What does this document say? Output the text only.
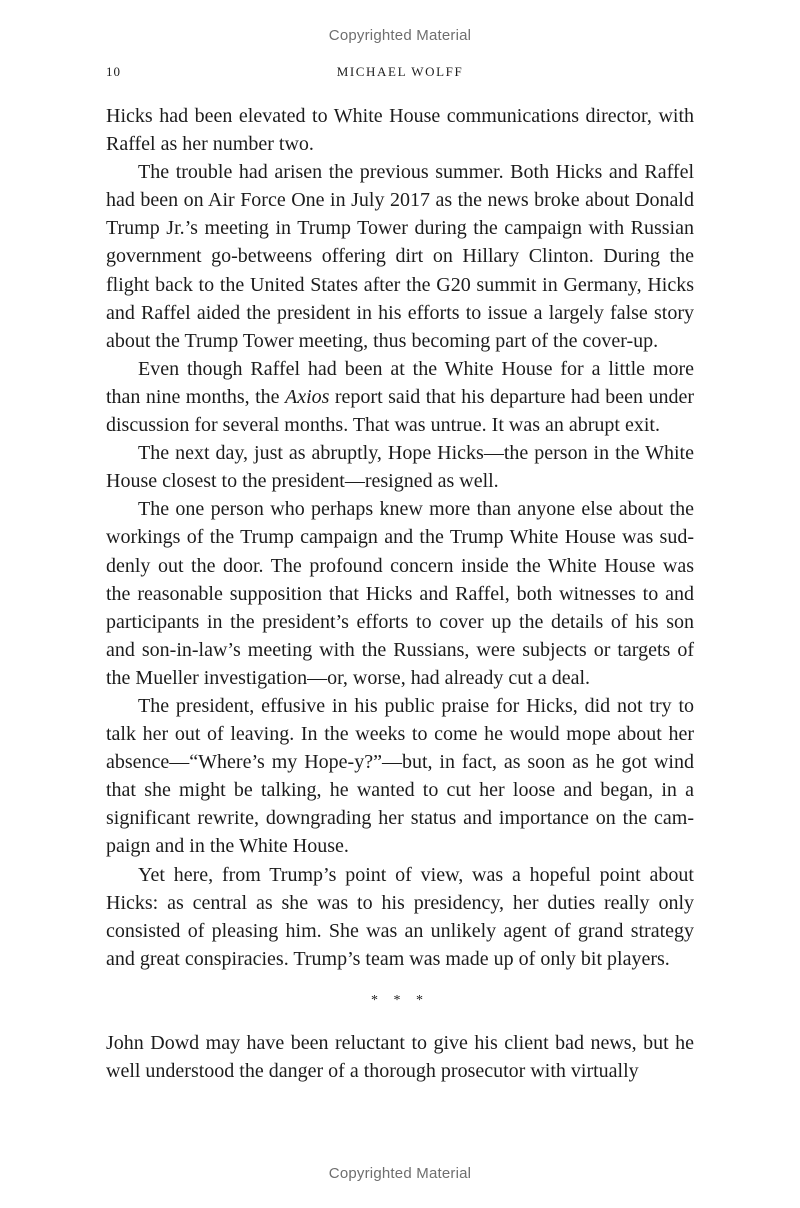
Copyrighted Material
10	MICHAEL WOLFF

Hicks had been elevated to White House communications director, with Raffel as her number two.

The trouble had arisen the previous summer. Both Hicks and Raffel had been on Air Force One in July 2017 as the news broke about Donald Trump Jr.’s meeting in Trump Tower during the campaign with Russian government go-betweens offering dirt on Hillary Clinton. During the flight back to the United States after the G20 summit in Germany, Hicks and Raffel aided the president in his efforts to issue a largely false story about the Trump Tower meeting, thus becoming part of the cover-up.

Even though Raffel had been at the White House for a little more than nine months, the Axios report said that his departure had been under discussion for several months. That was untrue. It was an abrupt exit.

The next day, just as abruptly, Hope Hicks—the person in the White House closest to the president—resigned as well.

The one person who perhaps knew more than anyone else about the workings of the Trump campaign and the Trump White House was suddenly out the door. The profound concern inside the White House was the reasonable supposition that Hicks and Raffel, both witnesses to and participants in the president’s efforts to cover up the details of his son and son-in-law’s meeting with the Russians, were subjects or targets of the Mueller investigation—or, worse, had already cut a deal.

The president, effusive in his public praise for Hicks, did not try to talk her out of leaving. In the weeks to come he would mope about her absence—“Where’s my Hope-y?”—but, in fact, as soon as he got wind that she might be talking, he wanted to cut her loose and began, in a significant rewrite, downgrading her status and importance on the campaign and in the White House.

Yet here, from Trump’s point of view, was a hopeful point about Hicks: as central as she was to his presidency, her duties really only consisted of pleasing him. She was an unlikely agent of grand strategy and great conspiracies. Trump’s team was made up of only bit players.

* * *

John Dowd may have been reluctant to give his client bad news, but he well understood the danger of a thorough prosecutor with virtually

Copyrighted Material
